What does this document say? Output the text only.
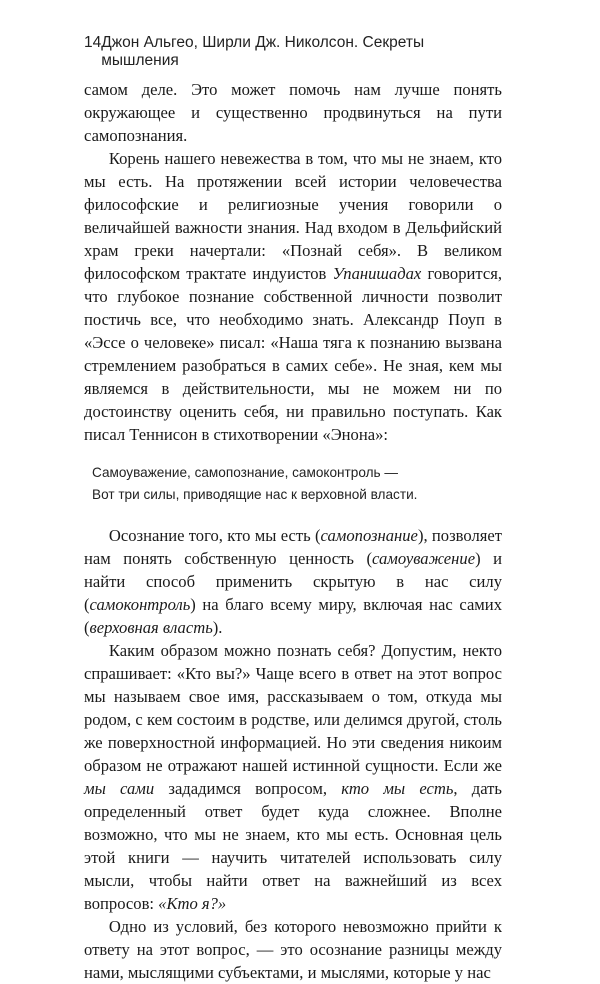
14 Джон Альгео, Ширли Дж. Николсон. Секреты мышления

самом деле. Это может помочь нам лучше понять окружающее и существенно продвинуться на пути самопознания.

Корень нашего невежества в том, что мы не знаем, кто мы есть. На протяжении всей истории человечества философские и религиозные учения говорили о величайшей важности знания. Над входом в Дельфийский храм греки начертали: «Познай себя». В великом философском трактате индуистов Упанишадах говорится, что глубокое познание собственной личности позволит постичь все, что необходимо знать. Александр Поуп в «Эссе о человеке» писал: «Наша тяга к познанию вызвана стремлением разобраться в самих себе». Не зная, кем мы являемся в действительности, мы не можем ни по достоинству оценить себя, ни правильно поступать. Как писал Теннисон в стихотворении «Энона»:

Самоуважение, самопознание, самоконтроль —
Вот три силы, приводящие нас к верховной власти.

Осознание того, кто мы есть (самопознание), позволяет нам понять собственную ценность (самоуважение) и найти способ применить скрытую в нас силу (самоконтроль) на благо всему миру, включая нас самих (верховная власть).

Каким образом можно познать себя? Допустим, некто спрашивает: «Кто вы?» Чаще всего в ответ на этот вопрос мы называем свое имя, рассказываем о том, откуда мы родом, с кем состоим в родстве, или делимся другой, столь же поверхностной информацией. Но эти сведения никоим образом не отражают нашей истинной сущности. Если же мы сами зададимся вопросом, кто мы есть, дать определенный ответ будет куда сложнее. Вполне возможно, что мы не знаем, кто мы есть. Основная цель этой книги — научить читателей использовать силу мысли, чтобы найти ответ на важнейший из всех вопросов: «Кто я?»

Одно из условий, без которого невозможно прийти к ответу на этот вопрос, — это осознание разницы между нами, мыслящими субъектами, и мыслями, которые у нас
